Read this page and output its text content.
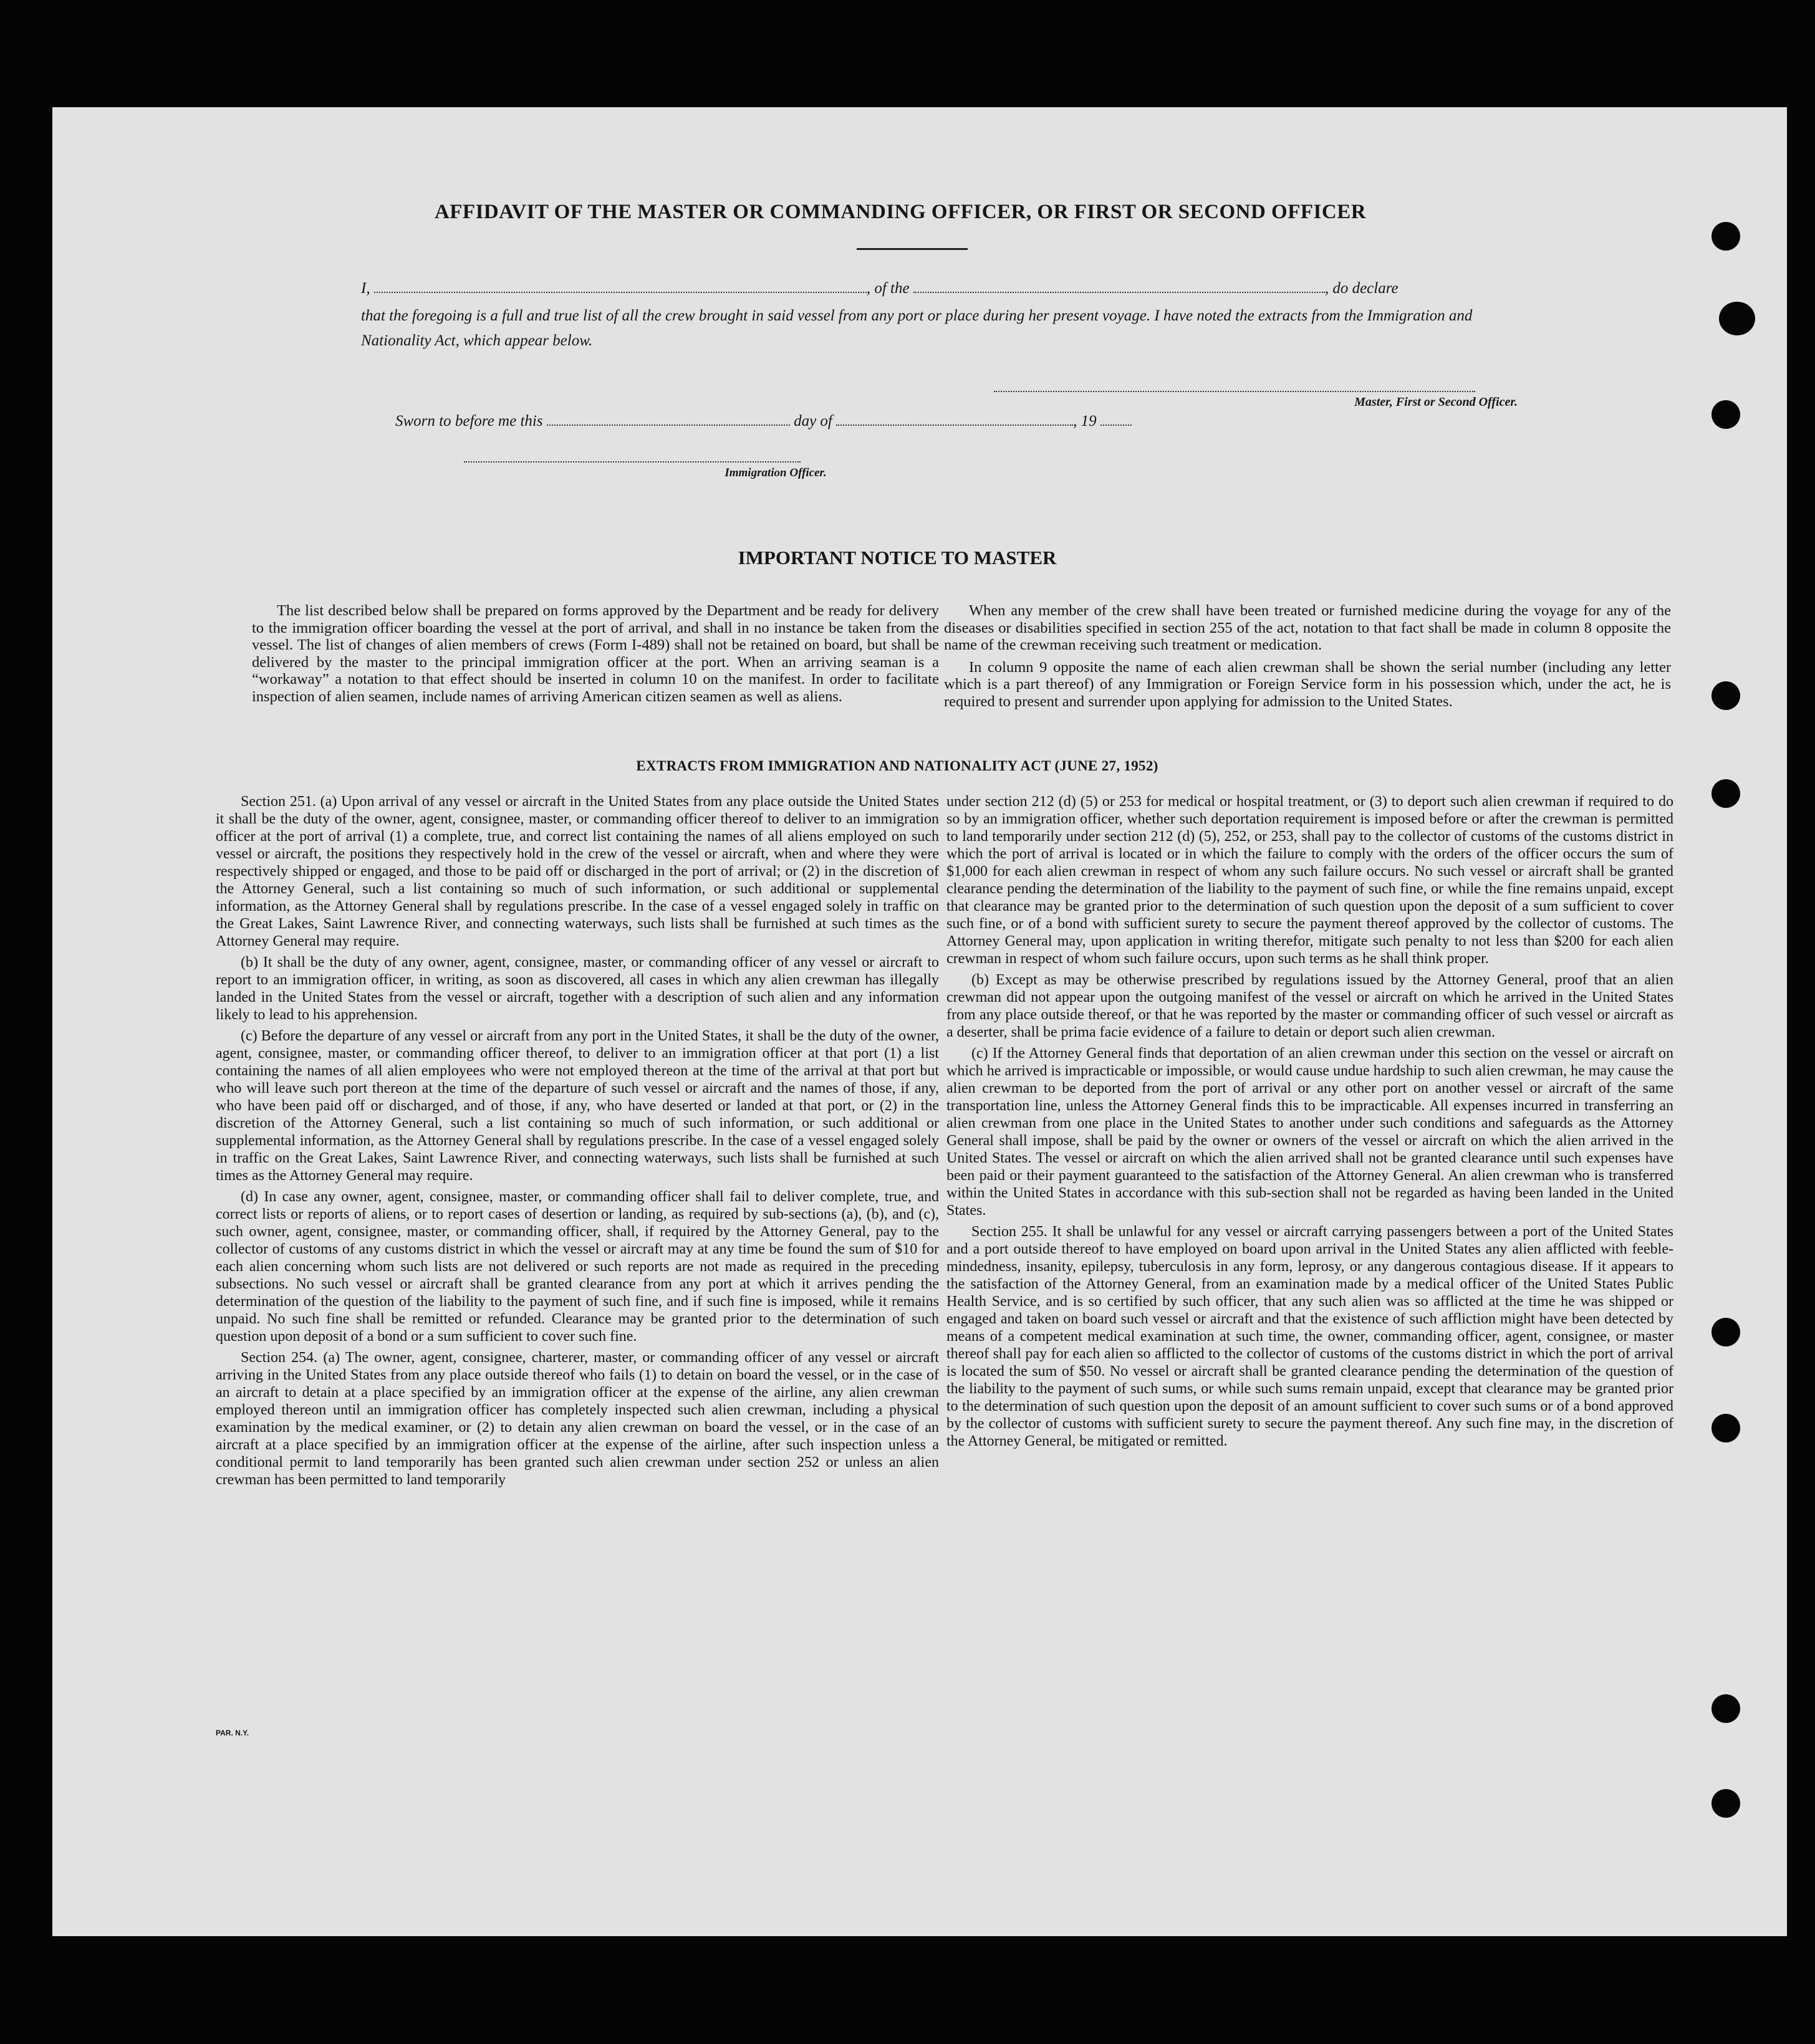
AFFIDAVIT OF THE MASTER OR COMMANDING OFFICER, OR FIRST OR SECOND OFFICER
I,	, of the	, do declare
that the foregoing is a full and true list of all the crew brought in said vessel from any port or place during her present voyage. I have noted the extracts from the Immigration and Nationality Act, which appear below.
Master, First or Second Officer.
Sworn to before me this	day of	, 19
Immigration Officer.
IMPORTANT NOTICE TO MASTER

The list described below shall be prepared on forms approved by the Department and be ready for delivery to the immigration officer boarding the vessel at the port of arrival, and shall in no instance be taken from the vessel. The list of changes of alien members of crews (Form I-489) shall not be retained on board, but shall be delivered by the master to the principal immigration officer at the port. When an arriving seaman is a “workaway” a notation to that effect should be inserted in column 10 on the manifest. In order to facilitate inspection of alien seamen, include names of arriving American citizen seamen as well as aliens.

When any member of the crew shall have been treated or furnished medicine during the voyage for any of the diseases or disabilities specified in section 255 of the act, notation to that fact shall be made in column 8 opposite the name of the crewman receiving such treatment or medication.

In column 9 opposite the name of each alien crewman shall be shown the serial number (including any letter which is a part thereof) of any Immigration or Foreign Service form in his possession which, under the act, he is required to present and surrender upon applying for admission to the United States.

EXTRACTS FROM IMMIGRATION AND NATIONALITY ACT (JUNE 27, 1952)

Section 251. (a) Upon arrival of any vessel or aircraft in the United States from any place outside the United States it shall be the duty of the owner, agent, consignee, master, or commanding officer thereof to deliver to an immigration officer at the port of arrival (1) a complete, true, and correct list containing the names of all aliens employed on such vessel or aircraft, the positions they respectively hold in the crew of the vessel or aircraft, when and where they were respectively shipped or engaged, and those to be paid off or discharged in the port of arrival; or (2) in the discretion of the Attorney General, such a list containing so much of such information, or such additional or supplemental information, as the Attorney General shall by regulations prescribe. In the case of a vessel engaged solely in traffic on the Great Lakes, Saint Lawrence River, and connecting waterways, such lists shall be furnished at such times as the Attorney General may require.

(b) It shall be the duty of any owner, agent, consignee, master, or commanding officer of any vessel or aircraft to report to an immigration officer, in writing, as soon as discovered, all cases in which any alien crewman has illegally landed in the United States from the vessel or aircraft, together with a description of such alien and any information likely to lead to his apprehension.

(c) Before the departure of any vessel or aircraft from any port in the United States, it shall be the duty of the owner, agent, consignee, master, or commanding officer thereof, to deliver to an immigration officer at that port (1) a list containing the names of all alien employees who were not employed thereon at the time of the arrival at that port but who will leave such port thereon at the time of the departure of such vessel or aircraft and the names of those, if any, who have been paid off or discharged, and of those, if any, who have deserted or landed at that port, or (2) in the discretion of the Attorney General, such a list containing so much of such information, or such additional or supplemental information, as the Attorney General shall by regulations prescribe. In the case of a vessel engaged solely in traffic on the Great Lakes, Saint Lawrence River, and connecting waterways, such lists shall be furnished at such times as the Attorney General may require.

(d) In case any owner, agent, consignee, master, or commanding officer shall fail to deliver complete, true, and correct lists or reports of aliens, or to report cases of desertion or landing, as required by sub-sections (a), (b), and (c), such owner, agent, consignee, master, or commanding officer, shall, if required by the Attorney General, pay to the collector of customs of any customs district in which the vessel or aircraft may at any time be found the sum of $10 for each alien concerning whom such lists are not delivered or such reports are not made as required in the preceding subsections. No such vessel or aircraft shall be granted clearance from any port at which it arrives pending the determination of the question of the liability to the payment of such fine, and if such fine is imposed, while it remains unpaid. No such fine shall be remitted or refunded. Clearance may be granted prior to the determination of such question upon deposit of a bond or a sum sufficient to cover such fine.

Section 254. (a) The owner, agent, consignee, charterer, master, or commanding officer of any vessel or aircraft arriving in the United States from any place outside thereof who fails (1) to detain on board the vessel, or in the case of an aircraft to detain at a place specified by an immigration officer at the expense of the airline, any alien crewman employed thereon until an immigration officer has completely inspected such alien crewman, including a physical examination by the medical examiner, or (2) to detain any alien crewman on board the vessel, or in the case of an aircraft at a place specified by an immigration officer at the expense of the airline, after such inspection unless a conditional permit to land temporarily has been granted such alien crewman under section 252 or unless an alien crewman has been permitted to land temporarily

under section 212 (d) (5) or 253 for medical or hospital treatment, or (3) to deport such alien crewman if required to do so by an immigration officer, whether such deportation requirement is imposed before or after the crewman is permitted to land temporarily under section 212 (d) (5), 252, or 253, shall pay to the collector of customs of the customs district in which the port of arrival is located or in which the failure to comply with the orders of the officer occurs the sum of $1,000 for each alien crewman in respect of whom any such failure occurs. No such vessel or aircraft shall be granted clearance pending the determination of the liability to the payment of such fine, or while the fine remains unpaid, except that clearance may be granted prior to the determination of such question upon the deposit of a sum sufficient to cover such fine, or of a bond with sufficient surety to secure the payment thereof approved by the collector of customs. The Attorney General may, upon application in writing therefor, mitigate such penalty to not less than $200 for each alien crewman in respect of whom such failure occurs, upon such terms as he shall think proper.

(b) Except as may be otherwise prescribed by regulations issued by the Attorney General, proof that an alien crewman did not appear upon the outgoing manifest of the vessel or aircraft on which he arrived in the United States from any place outside thereof, or that he was reported by the master or commanding officer of such vessel or aircraft as a deserter, shall be prima facie evidence of a failure to detain or deport such alien crewman.

(c) If the Attorney General finds that deportation of an alien crewman under this section on the vessel or aircraft on which he arrived is impracticable or impossible, or would cause undue hardship to such alien crewman, he may cause the alien crewman to be deported from the port of arrival or any other port on another vessel or aircraft of the same transportation line, unless the Attorney General finds this to be impracticable. All expenses incurred in transferring an alien crewman from one place in the United States to another under such conditions and safeguards as the Attorney General shall impose, shall be paid by the owner or owners of the vessel or aircraft on which the alien arrived in the United States. The vessel or aircraft on which the alien arrived shall not be granted clearance until such expenses have been paid or their payment guaranteed to the satisfaction of the Attorney General. An alien crewman who is transferred within the United States in accordance with this sub-section shall not be regarded as having been landed in the United States.

Section 255. It shall be unlawful for any vessel or aircraft carrying passengers between a port of the United States and a port outside thereof to have employed on board upon arrival in the United States any alien afflicted with feeble-mindedness, insanity, epilepsy, tuberculosis in any form, leprosy, or any dangerous contagious disease. If it appears to the satisfaction of the Attorney General, from an examination made by a medical officer of the United States Public Health Service, and is so certified by such officer, that any such alien was so afflicted at the time he was shipped or engaged and taken on board such vessel or aircraft and that the existence of such affliction might have been detected by means of a competent medical examination at such time, the owner, commanding officer, agent, consignee, or master thereof shall pay for each alien so afflicted to the collector of customs of the customs district in which the port of arrival is located the sum of $50. No vessel or aircraft shall be granted clearance pending the determination of the question of the liability to the payment of such sums, or while such sums remain unpaid, except that clearance may be granted prior to the determination of such question upon the deposit of an amount sufficient to cover such sums or of a bond approved by the collector of customs with sufficient surety to secure the payment thereof. Any such fine may, in the discretion of the Attorney General, be mitigated or remitted.

PAR. N.Y.
